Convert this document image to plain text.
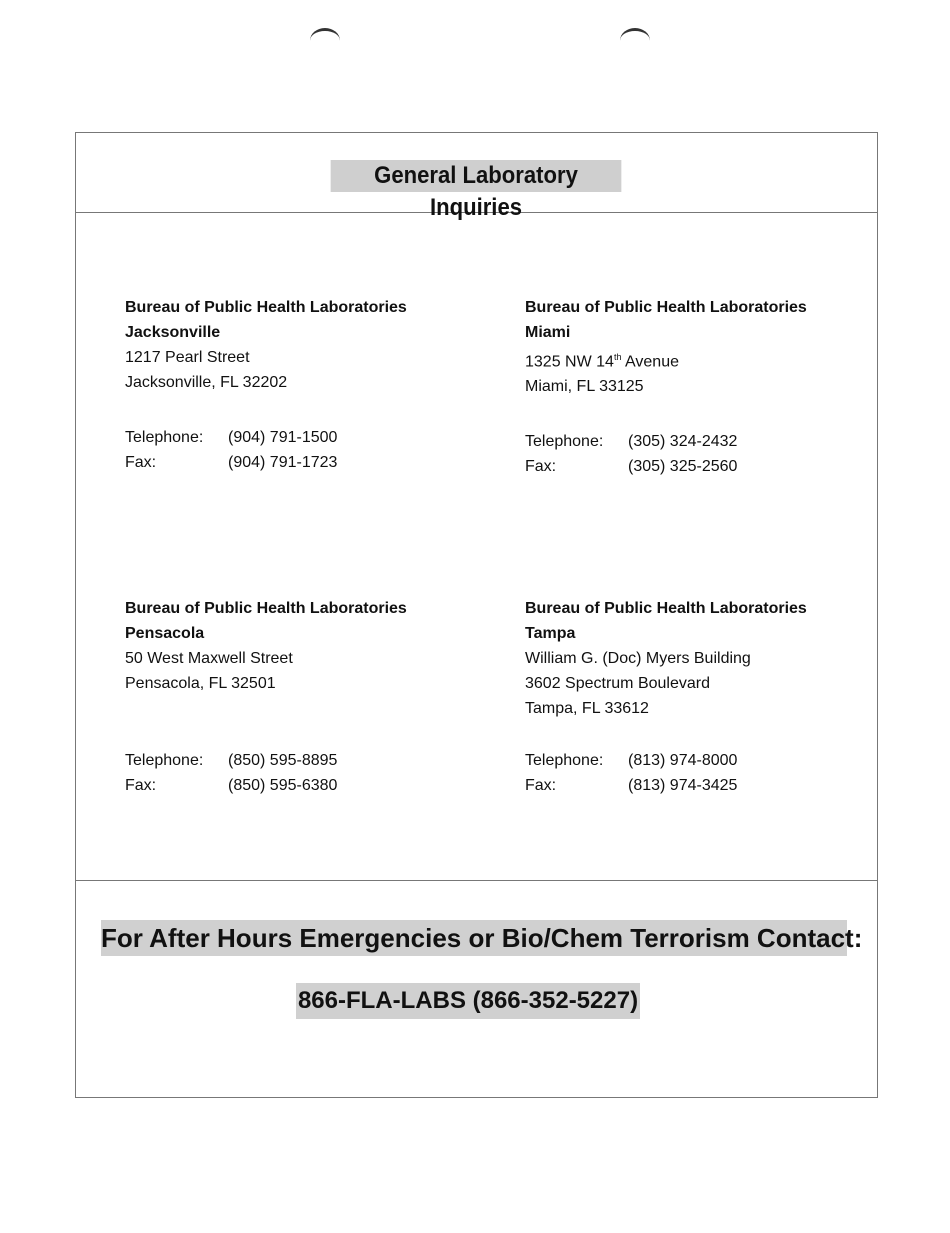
General Laboratory Inquiries
Bureau of Public Health Laboratories
Jacksonville
1217 Pearl Street
Jacksonville, FL 32202
Telephone:	(904) 791-1500
Fax:	(904) 791-1723
Bureau of Public Health Laboratories
Miami
1325 NW 14th Avenue
Miami, FL 33125
Telephone:	(305) 324-2432
Fax:	(305) 325-2560
Bureau of Public Health Laboratories
Pensacola
50 West Maxwell Street
Pensacola, FL 32501
Telephone:	(850) 595-8895
Fax:	(850) 595-6380
Bureau of Public Health Laboratories
Tampa
William G. (Doc) Myers Building
3602 Spectrum Boulevard
Tampa, FL 33612
Telephone:	(813) 974-8000
Fax:	(813) 974-3425
For After Hours Emergencies or Bio/Chem Terrorism Contact:
866-FLA-LABS (866-352-5227)
